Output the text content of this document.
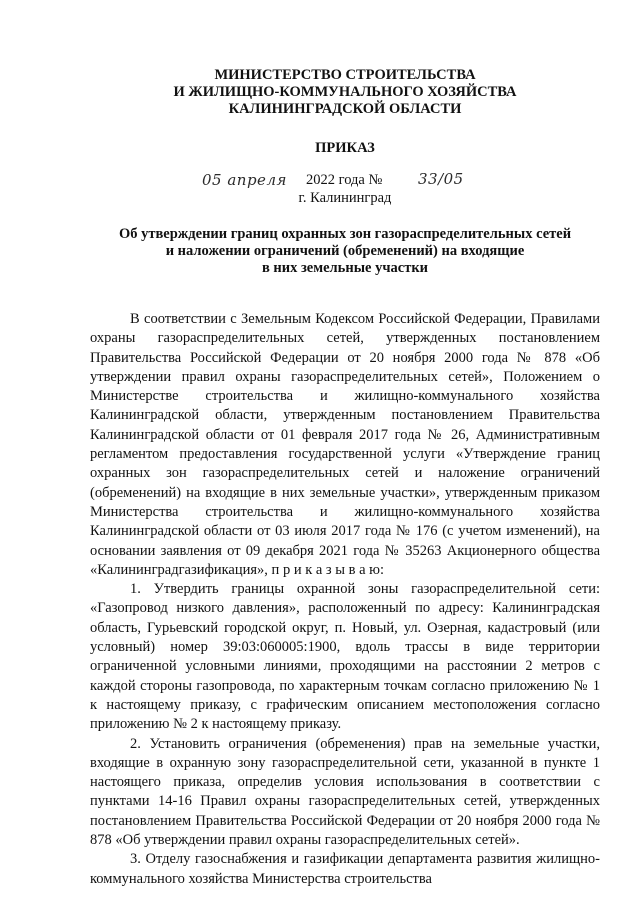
МИНИСТЕРСТВО СТРОИТЕЛЬСТВА
И ЖИЛИЩНО-КОММУНАЛЬНОГО ХОЗЯЙСТВА
КАЛИНИНГРАДСКОЙ ОБЛАСТИ
ПРИКАЗ
05 апреля 2022 года № 33/05
г. Калининград
Об утверждении границ охранных зон газораспределительных сетей
и наложении ограничений (обременений) на входящие
в них земельные участки

В соответствии с Земельным Кодексом Российской Федерации, Правилами охраны газораспределительных сетей, утвержденных постановлением Правительства Российской Федерации от 20 ноября 2000 года № 878 «Об утверждении правил охраны газораспределительных сетей», Положением о Министерстве строительства и жилищно-коммунального хозяйства Калининградской области, утвержденным постановлением Правительства Калининградской области от 01 февраля 2017 года № 26, Административным регламентом предоставления государственной услуги «Утверждение границ охранных зон газораспределительных сетей и наложение ограничений (обременений) на входящие в них земельные участки», утвержденным приказом Министерства строительства и жилищно-коммунального хозяйства Калининградской области от 03 июля 2017 года № 176 (с учетом изменений), на основании заявления от 09 декабря 2021 года № 35263 Акционерного общества «Калининградгазификация», п р и к а з ы в а ю:

1. Утвердить границы охранной зоны газораспределительной сети: «Газопровод низкого давления», расположенный по адресу: Калининградская область, Гурьевский городской округ, п. Новый, ул. Озерная, кадастровый (или условный) номер 39:03:060005:1900, вдоль трассы в виде территории ограниченной условными линиями, проходящими на расстоянии 2 метров с каждой стороны газопровода, по характерным точкам согласно приложению № 1 к настоящему приказу, с графическим описанием местоположения согласно приложению № 2 к настоящему приказу.

2. Установить ограничения (обременения) прав на земельные участки, входящие в охранную зону газораспределительной сети, указанной в пункте 1 настоящего приказа, определив условия использования в соответствии с пунктами 14-16 Правил охраны газораспределительных сетей, утвержденных постановлением Правительства Российской Федерации от 20 ноября 2000 года № 878 «Об утверждении правил охраны газораспределительных сетей».

3. Отделу газоснабжения и газификации департамента развития жилищно-коммунального хозяйства Министерства строительства
